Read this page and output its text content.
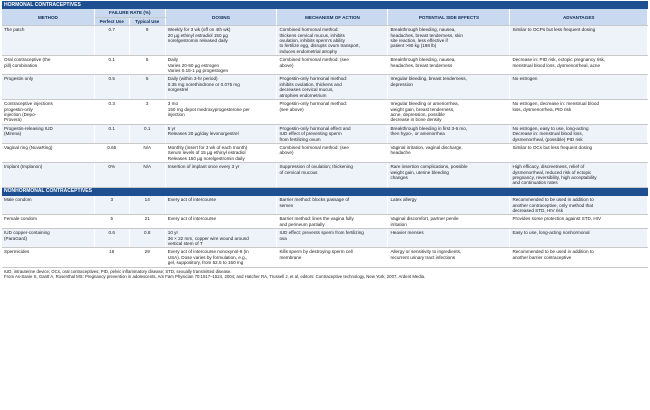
HORMONAL CONTRACEPTIVES						
METHOD	FAILURE RATE (%)		DOSING	MECHANISM OF ACTION	POTENTIAL SIDE EFFECTS	ADVANTAGES
	Perfect Use	Typical Use				

The patch	0.7	9	Weekly for 3 wk (off on 4th wk)
20 µg ethinyl estradiol 150 µg
norelgestromin released daily	Combined hormonal method:
thickens cervical mucus, inhibits
ovulation, inhibits sperm's ability
to fertilize egg, disrupts ovum transport,
induces endometrial atrophy	Breakthrough bleeding, nausea,
headaches, breast tenderness, skin
site reaction, less effective if
patient >90 kg (198 lb)	Similar to OCPs but less frequent dosing

Oral contraceptive (the
pill) combination	0.1	5	Daily
Varies 20-50 µg estrogen
Varies 0.15-1 µg progestogen	Combined hormonal method: (see
above)	Breakthrough bleeding, nausea,
headaches, breast tenderness	Decrease in: PID risk, ectopic pregnancy risk,
menstrual blood loss, dysmenorrheal, acne

Progestin only	0.5	5	Daily (within 3-hr period)
0.35 mg norethindrone or 0.075 mg
norgestrel	Progestin-only hormonal method:
inhibits ovulation, thickens and
decreases cervical mucus,
atrophies endometrium	Irregular bleeding, breast tenderness,
depression	No estrogen

Contraceptive injections
progestin-only
injection (Depo-
Provera)	0.3	3	3 mo
150 mg depot medroxyprogesterone per
injection	Progestin-only hormonal method:
(see above)	Irregular bleeding or amenorrhea,
weight gain, breast tenderness,
acne, depression, possible
decrease in bone density	No estrogen, decrease in: menstrual blood
loss, dysmenorrhea, PID risk

Progestin-releasing IUD
(Mirena)	0.1	0.1	5 yr
Releases 20 µg/day levonorgestrel	Progestin-only hormonal effect and
IUD effect of preventing sperm
from fertilizing ovum	Breakthrough bleeding in first 3-6 mo,
then hypo-, or amenorrhea	No estrogen, easy to use, long-acting
Decrease in: menstrual blood loss,
dysmenorrheal, (possible) PID risk

Vaginal ring (NuvaRing)	0.65	N/A	Monthly (insert for 3 wk of each month)
Serum levels of 15 µg ethinyl estradiol
Releases 150 µg norelgestromin daily	Combined hormonal method: (see
above)	Vaginal irritation, vaginal discharge,
headache	Similar to OCs but less frequent dosing

Implant (Implanon)	0%	N/A	Insertion of implant once every 3 yr	Suppression of ovulation; thickening
of cervical mucous	Rare insertion complications, possible
weight gain, uterine bleeding
changes	High efficacy, discreetness, relief of
dysmenorrheal, reduced risk of ectopic
pregnancy, reversibility, high acceptability
and continuation rates

NONHORMONAL CONTRACEPTIVES						

Male condom	3	14	Every act of intercourse	Barrier method: blocks passage of
semen	Latex allergy	Recommended to be used in addition to
another contraceptive, only method that
decreased STD, HIV risk

Female condom	5	21	Every act of intercourse	Barrier method: lines the vagina fully
and perineum partially	Vaginal discomfort, partner penile
irritation	Provides some protection against STD, HIV

IUD copper-containing
(ParaGard)	0.6	0.8	10 yr
36 × 22 mm, copper wire wound around
vertical stem of T	IUD effect: prevents sperm from fertilizing
ova	Heavier menses	Easy to use, long-acting nonhormonal

Spermicides	18	29	Every act of intercourse nonoxynol-9 (in
USA). Dose varies by formulation, e.g.,
gel, suppository, from 52.5 to 150 mg	Kills sperm by destroying sperm cell
membrane	Allergy or sensitivity to ingredients,
recurrent urinary tract infections	Recommended to be used in addition to
another barrier contraceptive
IUD, intrauterine device; OCs, oral contraceptives; PID, pelvic inflammatory disease; STD, sexually transmitted disease.
From As-Sanie S, Gantt A, Rosenthal MS: Pregnancy prevention in adolescents, Am Fam Physician 70:1517–1524, 2004; and Hatcher RA, Trussell J, et al, editors: Contraceptive technology, New York, 2007, Ardent Media.
